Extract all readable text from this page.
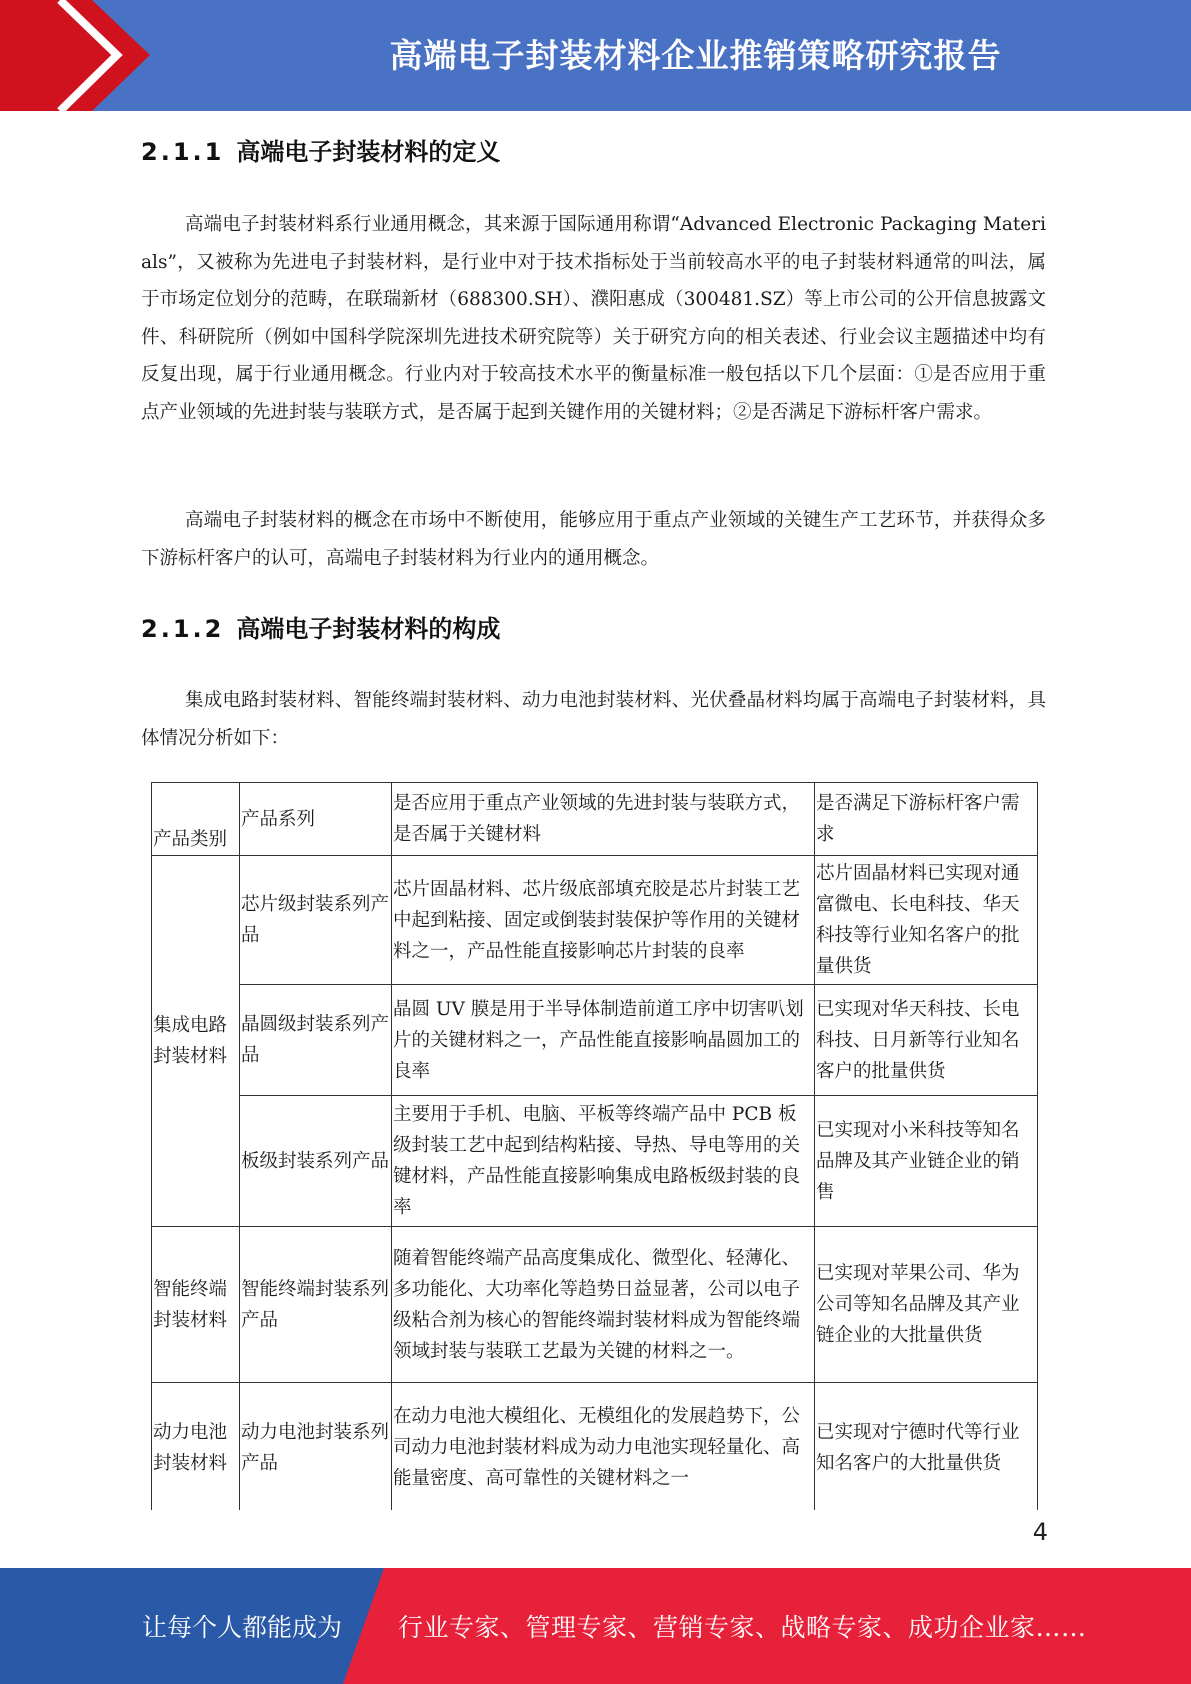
高端电子封装材料企业推销策略研究报告
2.1.1 高端电子封装材料的定义
高端电子封装材料系行业通用概念，其来源于国际通用称谓“Advanced Electronic Packaging Materials”，又被称为先进电子封装材料，是行业中对于技术指标处于当前较高水平的电子封装材料通常的叫法，属于市场定位划分的范畴，在联瑞新材（688300.SH）、濮阳惠成（300481.SZ）等上市公司的公开信息披露文件、科研院所（例如中国科学院深圳先进技术研究院等）关于研究方向的相关表述、行业会议主题描述中均有反复出现，属于行业通用概念。行业内对于较高技术水平的衡量标准一般包括以下几个层面：①是否应用于重点产业领域的先进封装与装联方式，是否属于起到关键作用的关键材料；②是否满足下游标杆客户需求。
高端电子封装材料的概念在市场中不断使用，能够应用于重点产业领域的关键生产工艺环节，并获得众多下游标杆客户的认可，高端电子封装材料为行业内的通用概念。
2.1.2 高端电子封装材料的构成
集成电路封装材料、智能终端封装材料、动力电池封装材料、光伏叠晶材料均属于高端电子封装材料，具体情况分析如下：
产品类别	产品系列	是否应用于重点产业领域的先进封装与装联方式，是否属于关键材料	是否满足下游标杆客户需求
集成电路封装材料	芯片级封装系列产品	芯片固晶材料、芯片级底部填充胶是芯片封装工艺中起到粘接、固定或倒装封装保护等作用的关键材料之一，产品性能直接影响芯片封装的良率	芯片固晶材料已实现对通富微电、长电科技、华天科技等行业知名客户的批量供货
	晶圆级封装系列产品	晶圆 UV 膜是用于半导体制造前道工序中切害叭划片的关键材料之一，产品性能直接影响晶圆加工的良率	已实现对华天科技、长电科技、日月新等行业知名客户的批量供货
	板级封装系列产品	主要用于手机、电脑、平板等终端产品中 PCB 板级封装工艺中起到结构粘接、导热、导电等用的关键材料，产品性能直接影响集成电路板级封装的良率	已实现对小米科技等知名品牌及其产业链企业的销售
智能终端封装材料	智能终端封装系列产品	随着智能终端产品高度集成化、微型化、轻薄化、多功能化、大功率化等趋势日益显著，公司以电子级粘合剂为核心的智能终端封装材料成为智能终端领域封装与装联工艺最为关键的材料之一。	已实现对苹果公司、华为公司等知名品牌及其产业链企业的大批量供货
动力电池封装材料	动力电池封装系列产品	在动力电池大模组化、无模组化的发展趋势下，公司动力电池封装材料成为动力电池实现轻量化、高能量密度、高可靠性的关键材料之一	已实现对宁德时代等行业知名客户的大批量供货
4
让每个人都能成为 行业专家、管理专家、营销专家、战略专家、成功企业家……
